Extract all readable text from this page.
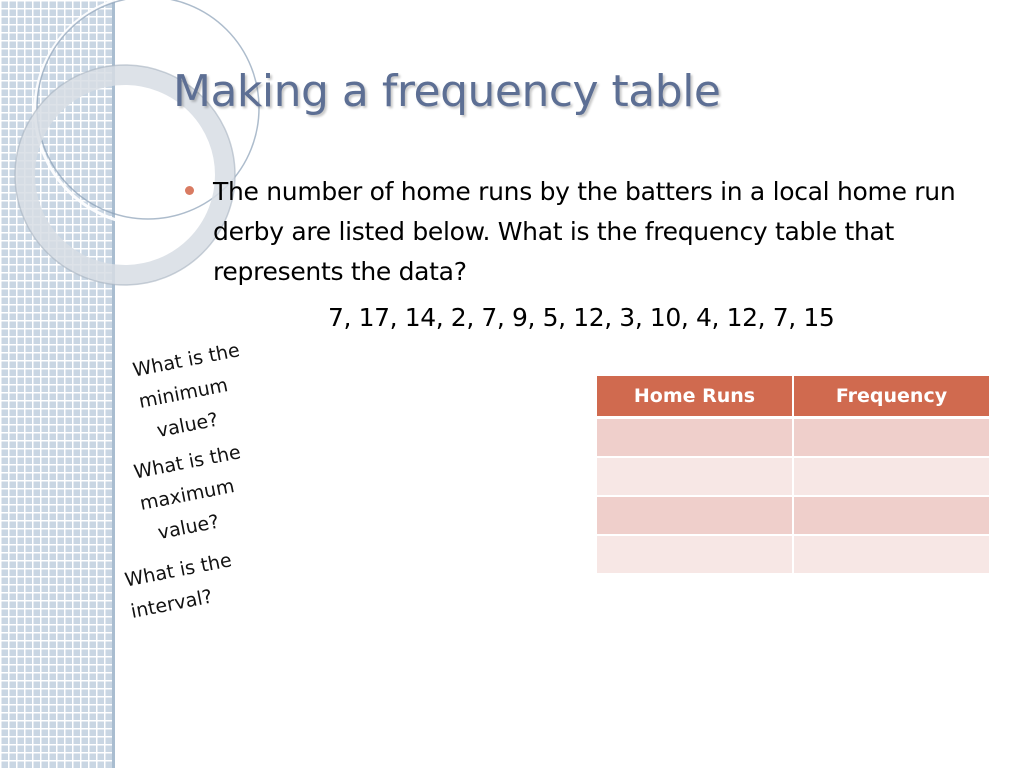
Making a frequency table

The number of home runs by the batters in a local home run derby are listed below. What is the frequency table that represents the data?

7, 17, 14, 2, 7, 9, 5, 12, 3, 10, 4, 12, 7, 15

What is the
minimum
value?
What is the
maximum
value?
What is the
interval?
Home Runs	Frequency
